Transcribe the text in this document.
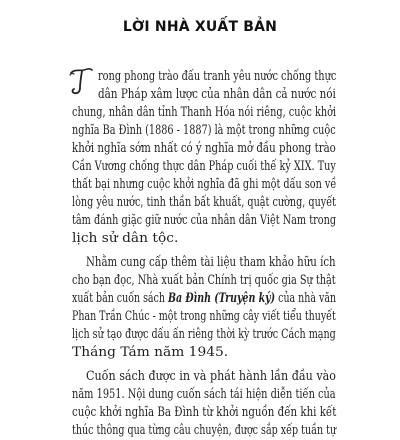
LỜI NHÀ XUẤT BẢN
rong phong trào đấu tranh yêu nước chống thực
dân Pháp xâm lược của nhân dân cả nước nói
chung, nhân dân tỉnh Thanh Hóa nói riêng, cuộc khởi
nghĩa Ba Đình (1886 - 1887) là một trong những cuộc
khởi nghĩa sớm nhất có ý nghĩa mở đầu phong trào
Cần Vương chống thực dân Pháp cuối thế kỷ XIX. Tuy
thất bại nhưng cuộc khởi nghĩa đã ghi một dấu son về
lòng yêu nước, tinh thần bất khuất, quật cường, quyết
tâm đánh giặc giữ nước của nhân dân Việt Nam trong
lịch sử dân tộc.
Nhằm cung cấp thêm tài liệu tham khảo hữu ích
cho bạn đọc, Nhà xuất bản Chính trị quốc gia Sự thật
xuất bản cuốn sách Ba Đình (Truyện ký) của nhà văn
Phan Trần Chúc - một trong những cây viết tiểu thuyết
lịch sử tạo được dấu ấn riêng thời kỳ trước Cách mạng
Tháng Tám năm 1945.
Cuốn sách được in và phát hành lần đầu vào
năm 1951. Nội dung cuốn sách tái hiện diễn tiến của
cuộc khởi nghĩa Ba Đình từ khởi nguồn đến khi kết
thúc thông qua từng câu chuyện, được sắp xếp tuần tự
